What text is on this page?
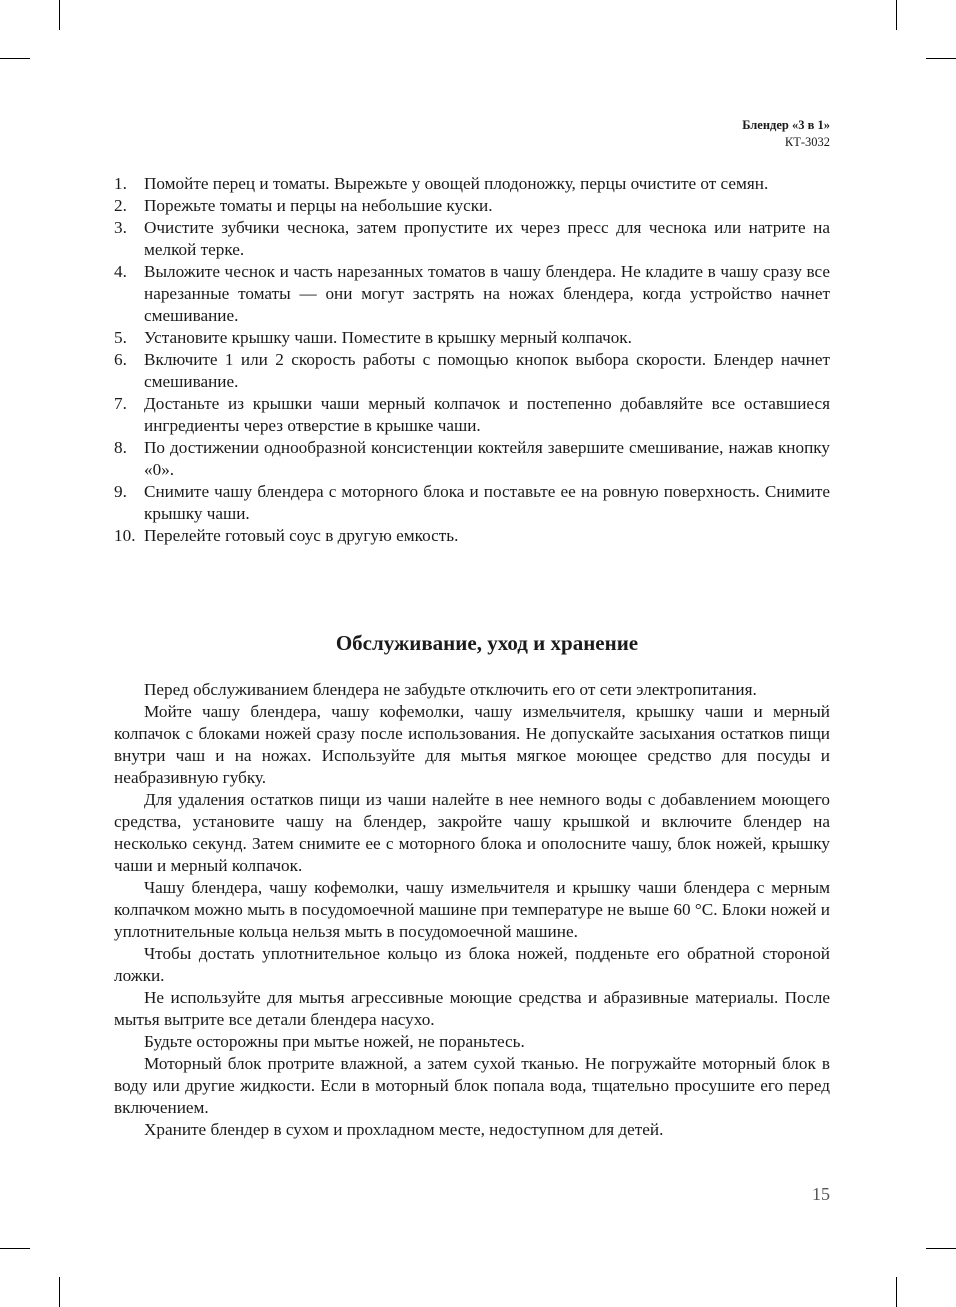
Блендер «3 в 1»
КТ-3032
1. Помойте перец и томаты. Вырежьте у овощей плодоножку, перцы очистите от семян.
2. Порежьте томаты и перцы на небольшие куски.
3. Очистите зубчики чеснока, затем пропустите их через пресс для чеснока или натрите на мелкой терке.
4. Выложите чеснок и часть нарезанных томатов в чашу блендера. Не кладите в чашу сразу все нарезанные томаты — они могут застрять на ножах блендера, когда устройство начнет смешивание.
5. Установите крышку чаши. Поместите в крышку мерный колпачок.
6. Включите 1 или 2 скорость работы с помощью кнопок выбора скорости. Блендер начнет смешивание.
7. Достаньте из крышки чаши мерный колпачок и постепенно добавляйте все оставшиеся ингредиенты через отверстие в крышке чаши.
8. По достижении однообразной консистенции коктейля завершите смешивание, нажав кнопку «0».
9. Снимите чашу блендера с моторного блока и поставьте ее на ровную поверхность. Снимите крышку чаши.
10. Перелейте готовый соус в другую емкость.
Обслуживание, уход и хранение

Перед обслуживанием блендера не забудьте отключить его от сети электропитания.

Мойте чашу блендера, чашу кофемолки, чашу измельчителя, крышку чаши и мерный колпачок с блоками ножей сразу после использования. Не допускайте засыхания остатков пищи внутри чаш и на ножах. Используйте для мытья мягкое моющее средство для посуды и неабразивную губку.

Для удаления остатков пищи из чаши налейте в нее немного воды с добавлением моющего средства, установите чашу на блендер, закройте чашу крышкой и включите блендер на несколько секунд. Затем снимите ее с моторного блока и ополосните чашу, блок ножей, крышку чаши и мерный колпачок.

Чашу блендера, чашу кофемолки, чашу измельчителя и крышку чаши блендера с мерным колпачком можно мыть в посудомоечной машине при температуре не выше 60 °С. Блоки ножей и уплотнительные кольца нельзя мыть в посудомоечной машине.

Чтобы достать уплотнительное кольцо из блока ножей, подденьте его обратной стороной ложки.

Не используйте для мытья агрессивные моющие средства и абразивные материалы. После мытья вытрите все детали блендера насухо.

Будьте осторожны при мытье ножей, не пораньтесь.

Моторный блок протрите влажной, а затем сухой тканью. Не погружайте моторный блок в воду или другие жидкости. Если в моторный блок попала вода, тщательно просушите его перед включением.

Храните блендер в сухом и прохладном месте, недоступном для детей.

15
